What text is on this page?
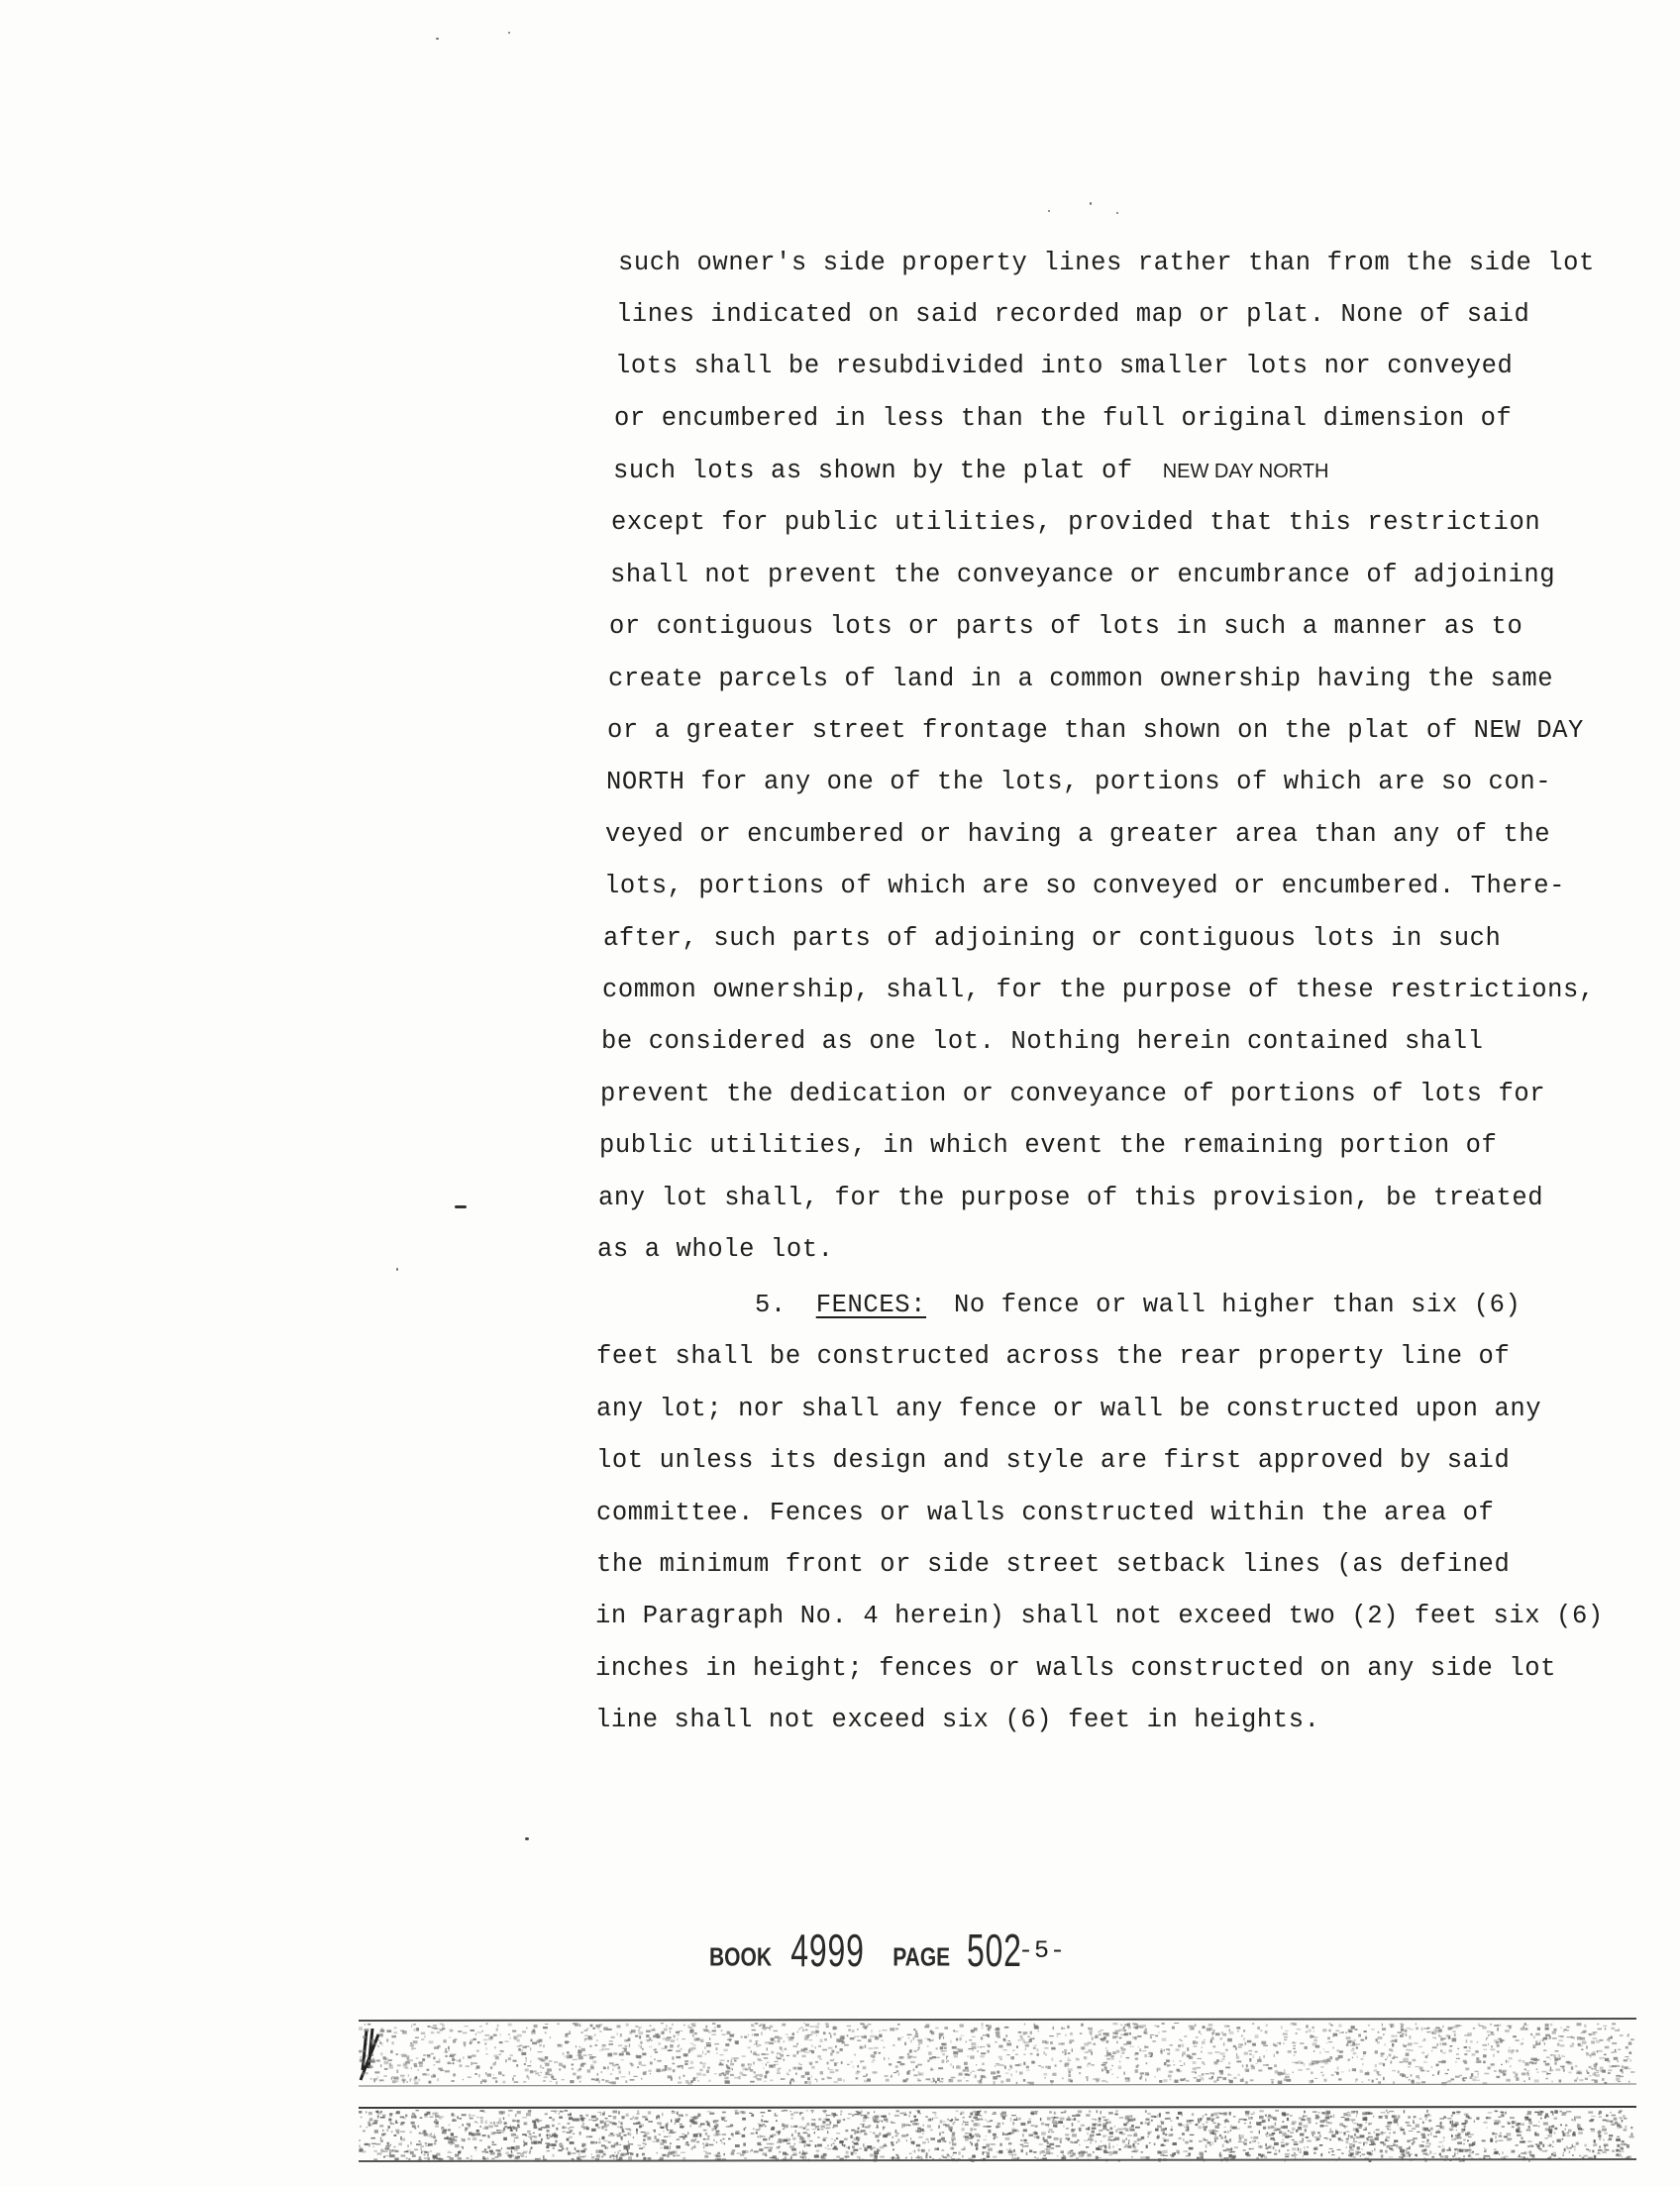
such owner's side property lines rather than from the side lot
lines indicated on said recorded map or plat. None of said
lots shall be resubdivided into smaller lots nor conveyed
or encumbered in less than the full original dimension of
such lots as shown by the plat of NEW DAY NORTH
except for public utilities, provided that this restriction
shall not prevent the conveyance or encumbrance of adjoining
or contiguous lots or parts of lots in such a manner as to
create parcels of land in a common ownership having the same
or a greater street frontage than shown on the plat of NEW DAY
NORTH for any one of the lots, portions of which are so con-
veyed or encumbered or having a greater area than any of the
lots, portions of which are so conveyed or encumbered. There-
after, such parts of adjoining or contiguous lots in such
common ownership, shall, for the purpose of these restrictions,
be considered as one lot. Nothing herein contained shall
prevent the dedication or conveyance of portions of lots for
public utilities, in which event the remaining portion of
any lot shall, for the purpose of this provision, be treated
as a whole lot.
5. FENCES: No fence or wall higher than six (6)
feet shall be constructed across the rear property line of
any lot; nor shall any fence or wall be constructed upon any
lot unless its design and style are first approved by said
committee. Fences or walls constructed within the area of
the minimum front or side street setback lines (as defined
in Paragraph No. 4 herein) shall not exceed two (2) feet six (6)
inches in height; fences or walls constructed on any side lot
line shall not exceed six (6) feet in heights.
BOOK 4999 PAGE 502
-5-
